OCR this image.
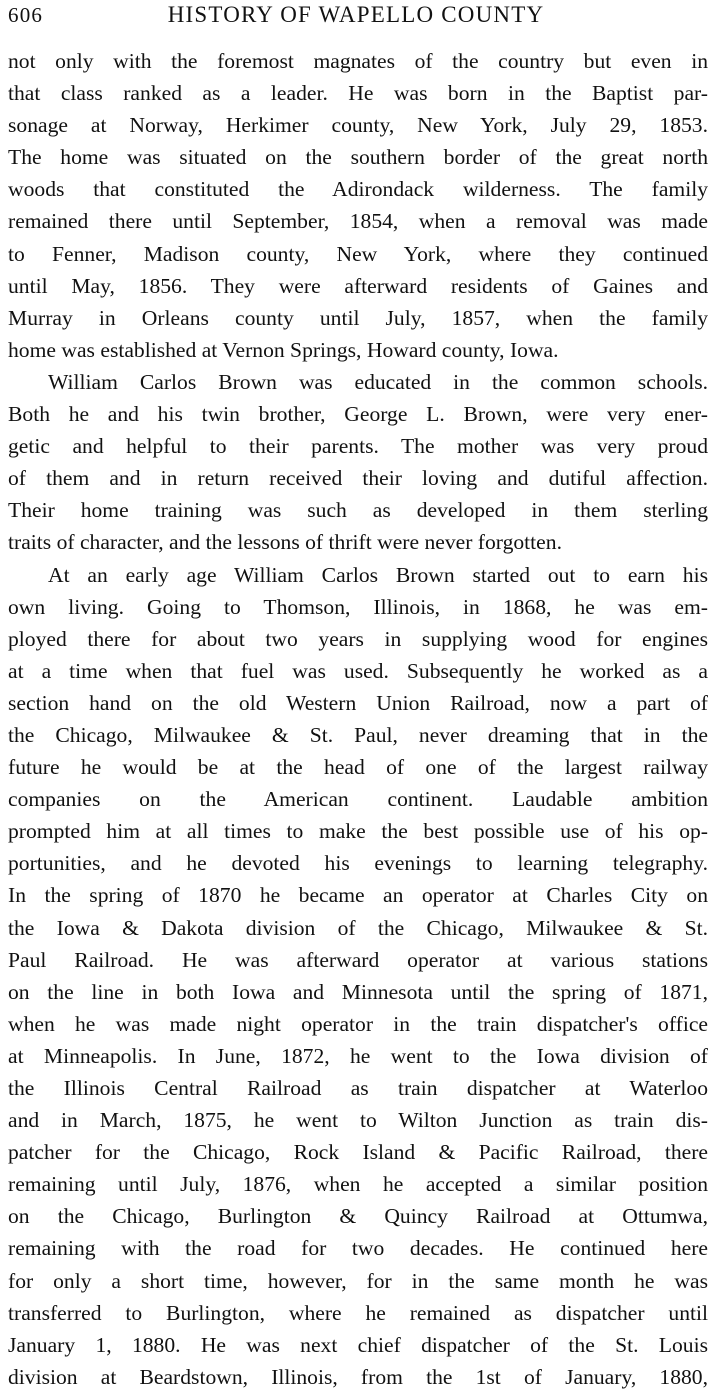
606	HISTORY OF WAPELLO COUNTY
not only with the foremost magnates of the country but even in
that class ranked as a leader. He was born in the Baptist par-
sonage at Norway, Herkimer county, New York, July 29, 1853.
The home was situated on the southern border of the great north
woods that constituted the Adirondack wilderness. The family
remained there until September, 1854, when a removal was made
to Fenner, Madison county, New York, where they continued
until May, 1856. They were afterward residents of Gaines and
Murray in Orleans county until July, 1857, when the family
home was established at Vernon Springs, Howard county, Iowa.
William Carlos Brown was educated in the common schools.
Both he and his twin brother, George L. Brown, were very ener-
getic and helpful to their parents. The mother was very proud
of them and in return received their loving and dutiful affection.
Their home training was such as developed in them sterling
traits of character, and the lessons of thrift were never forgotten.
At an early age William Carlos Brown started out to earn his
own living. Going to Thomson, Illinois, in 1868, he was em-
ployed there for about two years in supplying wood for engines
at a time when that fuel was used. Subsequently he worked as a
section hand on the old Western Union Railroad, now a part of
the Chicago, Milwaukee & St. Paul, never dreaming that in the
future he would be at the head of one of the largest railway
companies on the American continent. Laudable ambition
prompted him at all times to make the best possible use of his op-
portunities, and he devoted his evenings to learning telegraphy.
In the spring of 1870 he became an operator at Charles City on
the Iowa & Dakota division of the Chicago, Milwaukee & St.
Paul Railroad. He was afterward operator at various stations
on the line in both Iowa and Minnesota until the spring of 1871,
when he was made night operator in the train dispatcher's office
at Minneapolis. In June, 1872, he went to the Iowa division of
the Illinois Central Railroad as train dispatcher at Waterloo
and in March, 1875, he went to Wilton Junction as train dis-
patcher for the Chicago, Rock Island & Pacific Railroad, there
remaining until July, 1876, when he accepted a similar position
on the Chicago, Burlington & Quincy Railroad at Ottumwa,
remaining with the road for two decades. He continued here
for only a short time, however, for in the same month he was
transferred to Burlington, where he remained as dispatcher until
January 1, 1880. He was next chief dispatcher of the St. Louis
division at Beardstown, Illinois, from the 1st of January, 1880,
